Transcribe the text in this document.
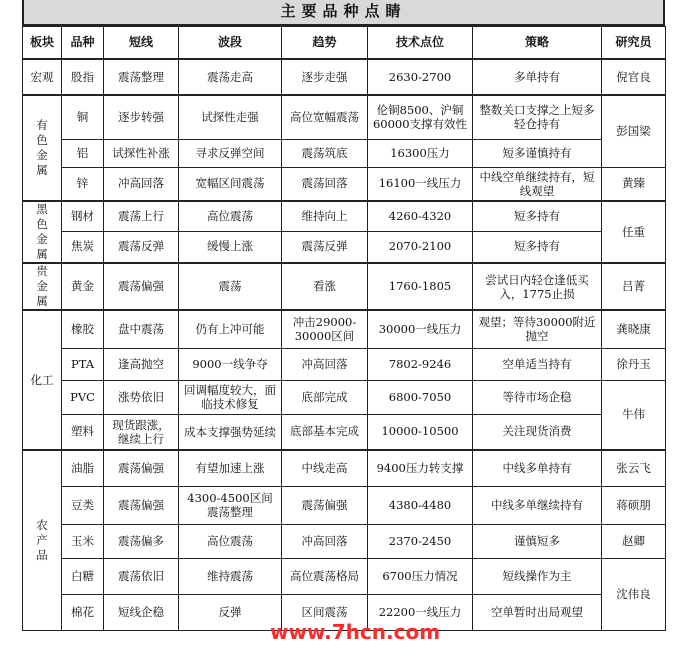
主要品种点睛
板块	品种	短线	波段	趋势	技术点位	策略	研究员
宏观	股指	震荡整理	震荡走高	逐步走强	2630-2700	多单持有	倪官良
有色金属	铜	逐步转强	试探性走强	高位宽幅震荡	伦铜8500、沪铜60000支撑有效性	整数关口支撑之上短多轻仓持有	彭国梁
	铝	试探性补涨	寻求反弹空间	震荡筑底	16300压力	短多谨慎持有	
	锌	冲高回落	宽幅区间震荡	震荡回落	16100一线压力	中线空单继续持有，短线观望	黄臻
黑色金属	钢材	震荡上行	高位震荡	维持向上	4260-4320	短多持有	任重
	焦炭	震荡反弹	缓慢上涨	震荡反弹	2070-2100	短多持有	
贵金属	黄金	震荡偏强	震荡	看涨	1760-1805	尝试日内轻仓逢低买入，1775止损	吕菁
化工	橡胶	盘中震荡	仍有上冲可能	冲击29000-30000区间	30000一线压力	观望；等待30000附近抛空	龚晓康
	PTA	逢高抛空	9000一线争夺	冲高回落	7802-9246	空单适当持有	徐丹玉
	PVC	涨势依旧	回调幅度较大，面临技术修复	底部完成	6800-7050	等待市场企稳	牛伟
	塑料	现货跟涨，继续上行	成本支撑强势延续	底部基本完成	10000-10500	关注现货消费	
农产品	油脂	震荡偏强	有望加速上涨	中线走高	9400压力转支撑	中线多单持有	张云飞
	豆类	震荡偏强	4300-4500区间震荡整理	震荡偏强	4380-4480	中线多单继续持有	蒋硕朋
	玉米	震荡偏多	高位震荡	冲高回落	2370-2450	谨慎短多	赵卿
	白糖	震荡依旧	维持震荡	高位震荡格局	6700压力情况	短线操作为主	沈伟良
	棉花	短线企稳	反弹	区间震荡	22200一线压力	空单暂时出局观望	
www.7hcn.com
